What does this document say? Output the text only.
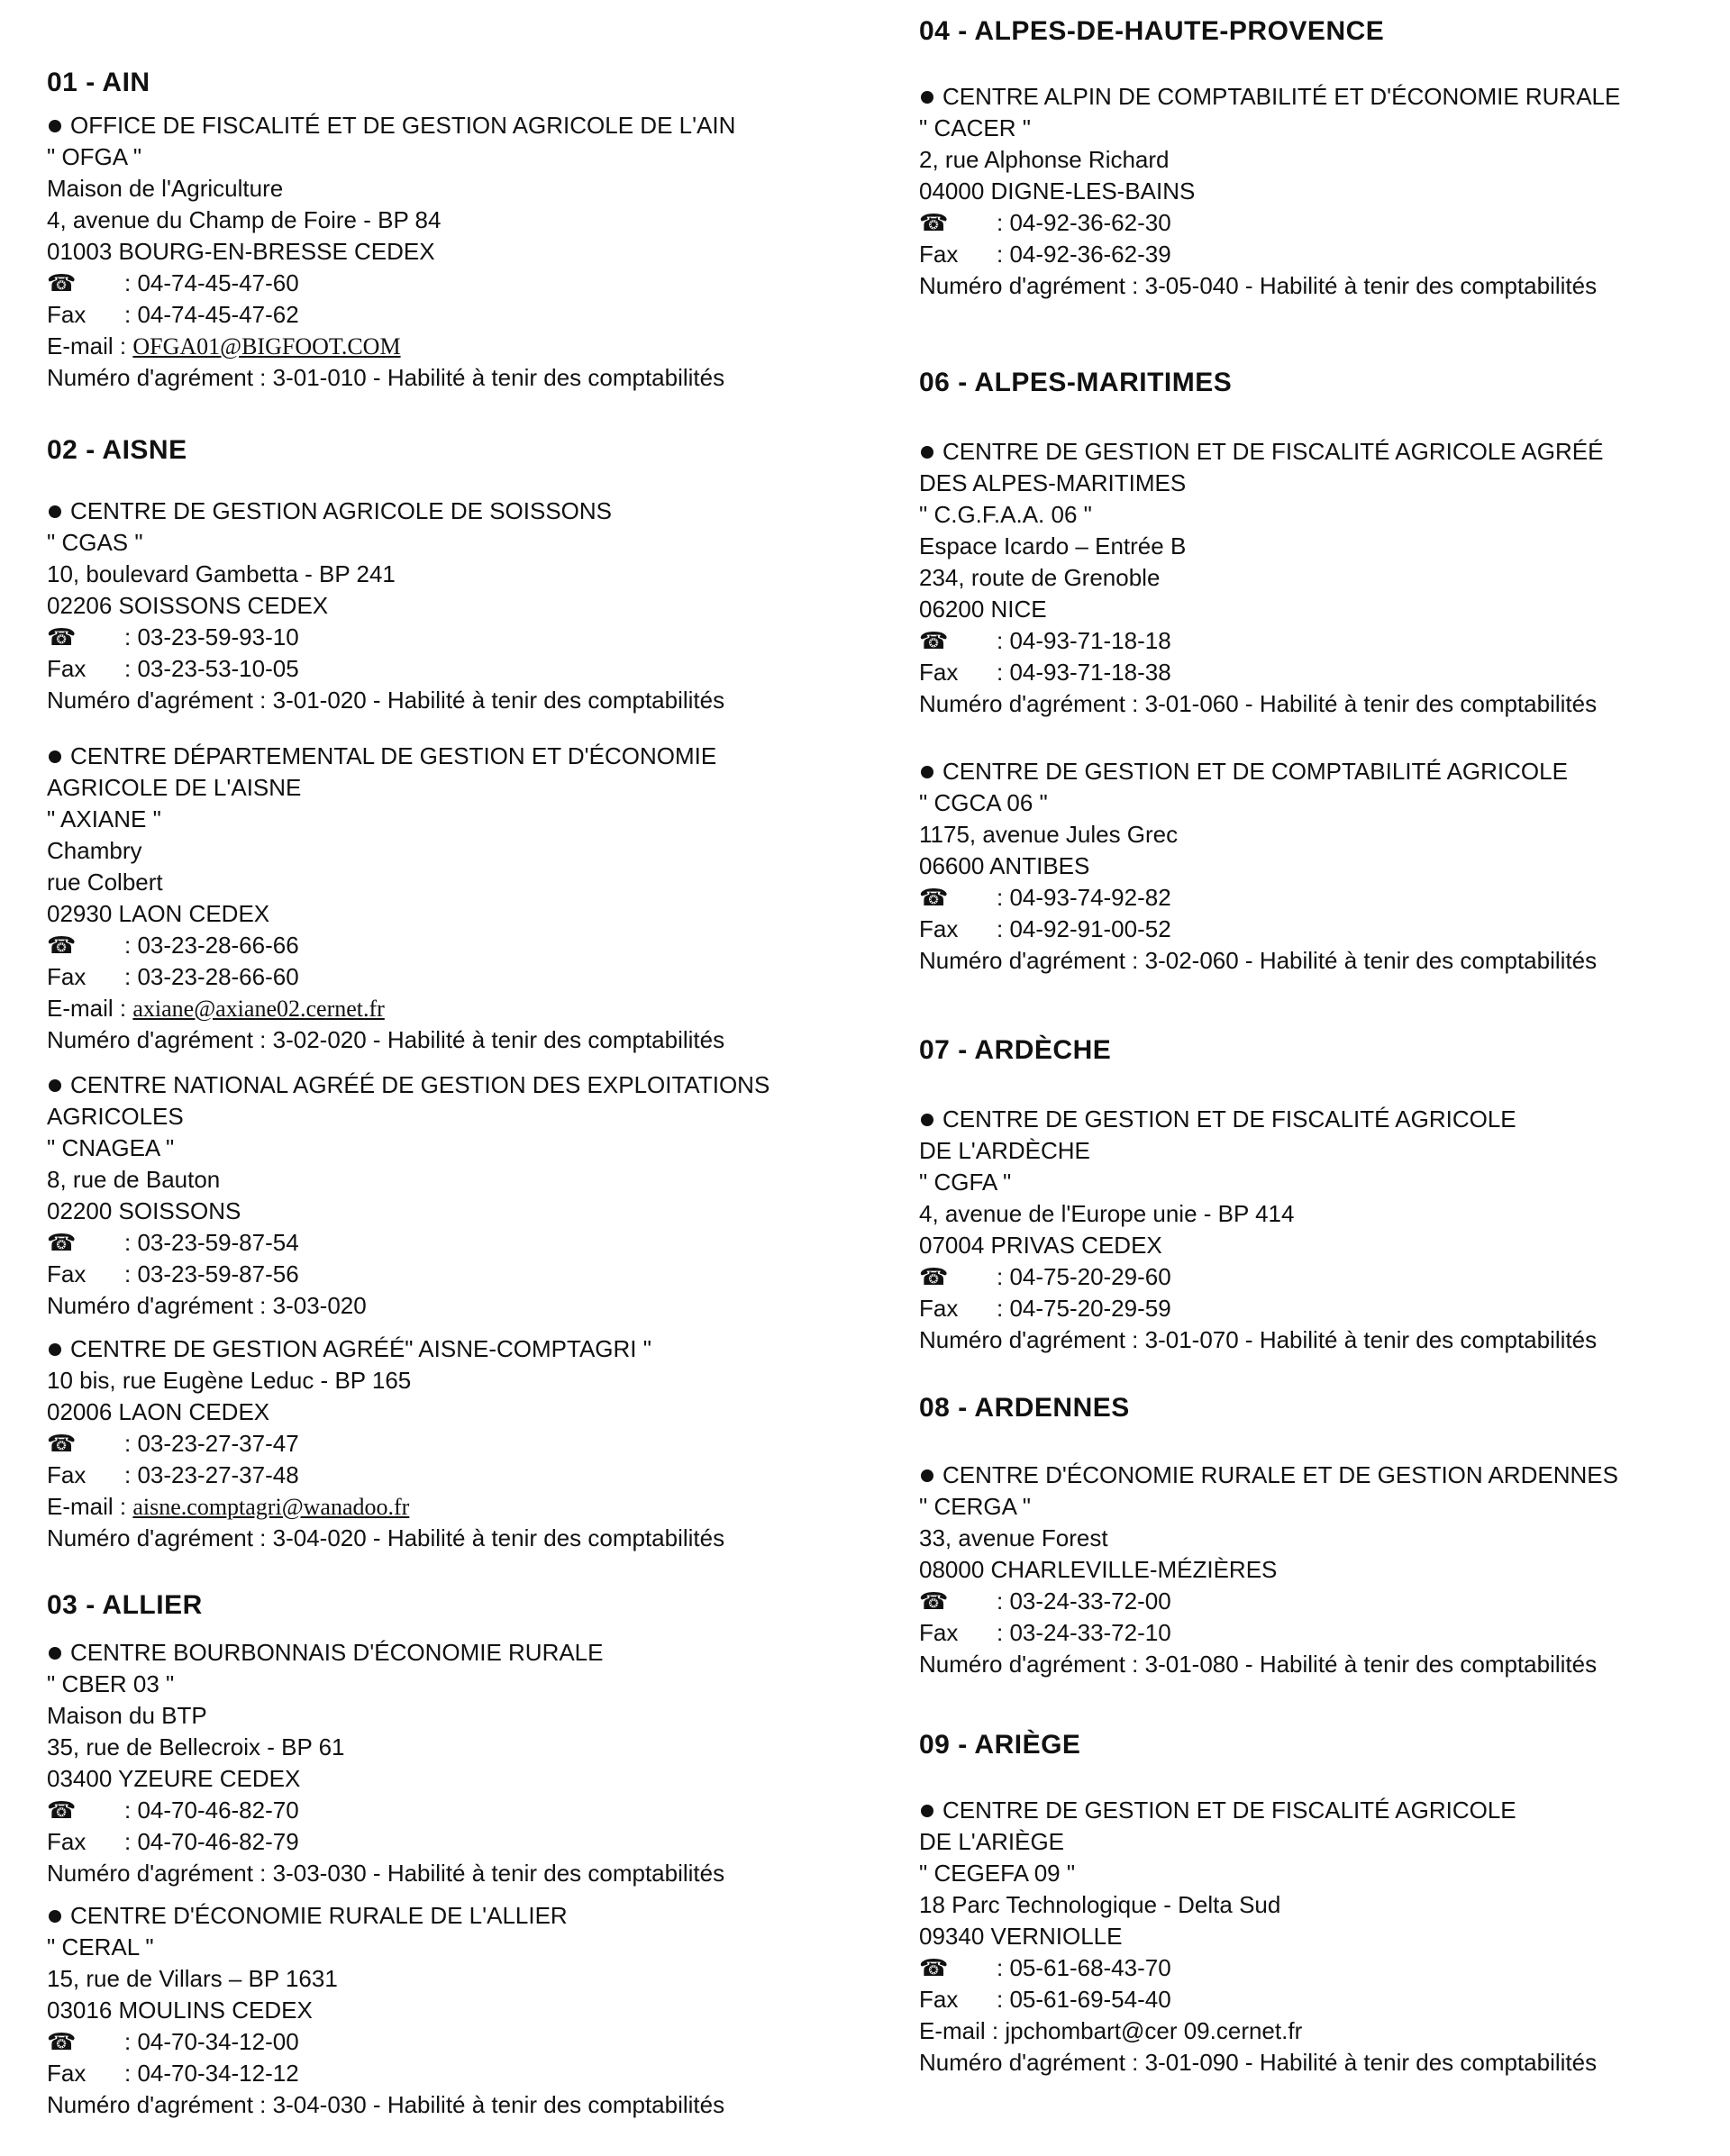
01 - AIN
OFFICE DE FISCALITÉ ET DE GESTION AGRICOLE DE L'AIN
" OFGA "
Maison de l'Agriculture
4, avenue du Champ de Foire - BP 84
01003 BOURG-EN-BRESSE CEDEX
☎ : 04-74-45-47-60
Fax : 04-74-45-47-62
E-mail : OFGA01@BIGFOOT.COM
Numéro d'agrément : 3-01-010 - Habilité à tenir des comptabilités
02 - AISNE
CENTRE DE GESTION AGRICOLE DE SOISSONS
" CGAS "
10, boulevard Gambetta - BP 241
02206 SOISSONS CEDEX
☎ : 03-23-59-93-10
Fax : 03-23-53-10-05
Numéro d'agrément : 3-01-020 - Habilité à tenir des comptabilités
CENTRE DÉPARTEMENTAL DE GESTION ET D'ÉCONOMIE
AGRICOLE DE L'AISNE
" AXIANE "
Chambry
rue Colbert
02930 LAON CEDEX
☎ : 03-23-28-66-66
Fax : 03-23-28-66-60
E-mail : axiane@axiane02.cernet.fr
Numéro d'agrément : 3-02-020 - Habilité à tenir des comptabilités
CENTRE NATIONAL AGRÉÉ DE GESTION DES EXPLOITATIONS
AGRICOLES
" CNAGEA "
8, rue de Bauton
02200 SOISSONS
☎ : 03-23-59-87-54
Fax : 03-23-59-87-56
Numéro d'agrément : 3-03-020
CENTRE DE GESTION AGRÉÉ" AISNE-COMPTAGRI "
10 bis, rue Eugène Leduc - BP 165
02006 LAON CEDEX
☎ : 03-23-27-37-47
Fax : 03-23-27-37-48
E-mail : aisne.comptagri@wanadoo.fr
Numéro d'agrément : 3-04-020 - Habilité à tenir des comptabilités
03 - ALLIER
CENTRE BOURBONNAIS D'ÉCONOMIE RURALE
" CBER 03 "
Maison du BTP
35, rue de Bellecroix - BP 61
03400 YZEURE CEDEX
☎ : 04-70-46-82-70
Fax : 04-70-46-82-79
Numéro d'agrément : 3-03-030 - Habilité à tenir des comptabilités
CENTRE D'ÉCONOMIE RURALE DE L'ALLIER
" CERAL "
15, rue de Villars – BP 1631
03016 MOULINS CEDEX
☎ : 04-70-34-12-00
Fax : 04-70-34-12-12
Numéro d'agrément : 3-04-030 - Habilité à tenir des comptabilités
04 - ALPES-DE-HAUTE-PROVENCE
CENTRE ALPIN DE COMPTABILITÉ ET D'ÉCONOMIE RURALE
" CACER "
2, rue Alphonse Richard
04000 DIGNE-LES-BAINS
☎ : 04-92-36-62-30
Fax : 04-92-36-62-39
Numéro d'agrément : 3-05-040 - Habilité à tenir des comptabilités
06 - ALPES-MARITIMES
CENTRE DE GESTION ET DE FISCALITÉ AGRICOLE AGRÉÉ
DES ALPES-MARITIMES
" C.G.F.A.A. 06 "
Espace Icardo – Entrée B
234, route de Grenoble
06200 NICE
☎ : 04-93-71-18-18
Fax : 04-93-71-18-38
Numéro d'agrément : 3-01-060 - Habilité à tenir des comptabilités
CENTRE DE GESTION ET DE COMPTABILITÉ AGRICOLE
" CGCA 06 "
1175, avenue Jules Grec
06600 ANTIBES
☎ : 04-93-74-92-82
Fax : 04-92-91-00-52
Numéro d'agrément : 3-02-060 - Habilité à tenir des comptabilités
07 - ARDÈCHE
CENTRE DE GESTION ET DE FISCALITÉ AGRICOLE
DE L'ARDÈCHE
" CGFA "
4, avenue de l'Europe unie - BP 414
07004 PRIVAS CEDEX
☎ : 04-75-20-29-60
Fax : 04-75-20-29-59
Numéro d'agrément : 3-01-070 - Habilité à tenir des comptabilités
08 - ARDENNES
CENTRE D'ÉCONOMIE RURALE ET DE GESTION ARDENNES
" CERGA "
33, avenue Forest
08000 CHARLEVILLE-MÉZIÈRES
☎ : 03-24-33-72-00
Fax : 03-24-33-72-10
Numéro d'agrément : 3-01-080 - Habilité à tenir des comptabilités
09 - ARIÈGE
CENTRE DE GESTION ET DE FISCALITÉ AGRICOLE
DE L'ARIÈGE
" CEGEFA 09 "
18 Parc Technologique - Delta Sud
09340 VERNIOLLE
☎ : 05-61-68-43-70
Fax : 05-61-69-54-40
E-mail : jpchombart@cer 09.cernet.fr
Numéro d'agrément : 3-01-090 - Habilité à tenir des comptabilités
